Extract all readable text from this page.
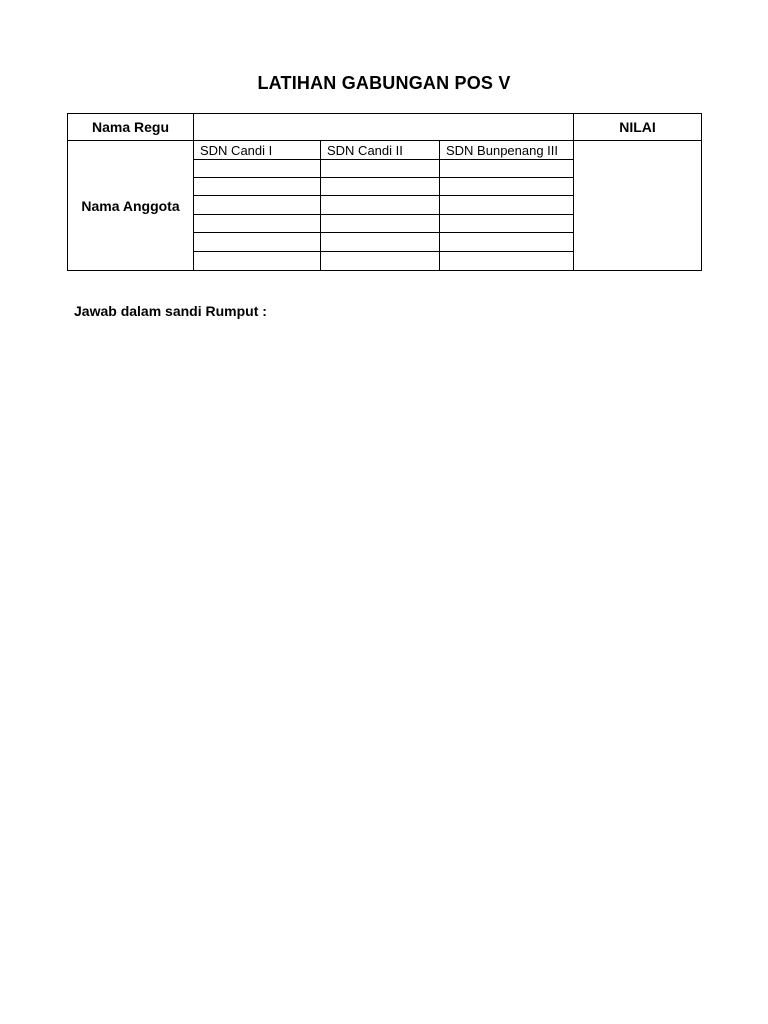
LATIHAN GABUNGAN POS V
Nama Regu				NILAI
Nama Anggota	SDN Candi I	SDN Candi II	SDN Bunpenang III	

Jawab dalam sandi Rumput :
